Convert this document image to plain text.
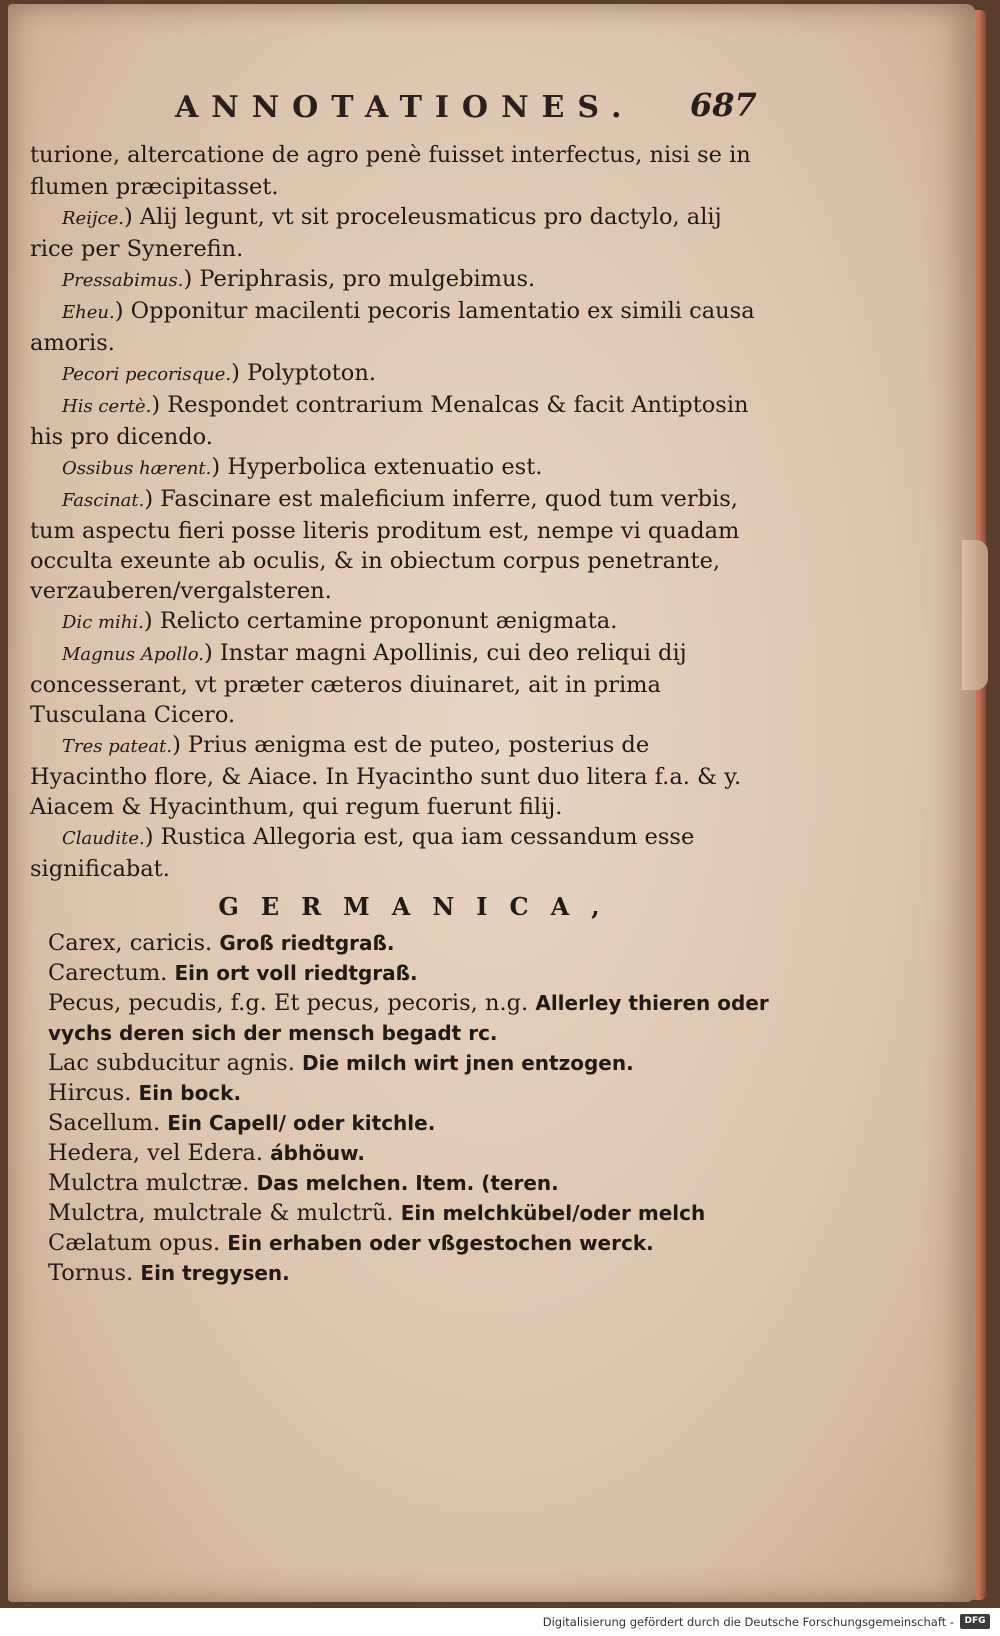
ANNOTATIONES. 687

turione, altercatione de agro penè fuisset interfectus, nisi se in flumen præcipitasset.

Reijce.) Alij legunt, vt sit proceleusmaticus pro dactylo, alij rice per Synerefin.

Pressabimus.) Periphrasis, pro mulgebimus.

Eheu.) Opponitur macilenti pecoris lamentatio ex simili causa amoris.

Pecori pecorisque.) Polyptoton.

His certè.) Respondet contrarium Menalcas & facit Antiptosin his pro dicendo.

Ossibus hærent.) Hyperbolica extenuatio est.

Fascinat.) Fascinare est maleficium inferre, quod tum verbis, tum aspectu fieri posse literis proditum est, nempe vi quadam occulta exeunte ab oculis, & in obiectum corpus penetrante, verzauberen/vergalsteren.

Dic mihi.) Relicto certamine proponunt ænigmata.

Magnus Apollo.) Instar magni Apollinis, cui deo reliqui dij concesserant, vt præter cæteros diuinaret, ait in prima Tusculana Cicero.

Tres pateat.) Prius ænigma est de puteo, posterius de Hyacintho flore, & Aiace. In Hyacintho sunt duo litera f.a. & y. Aiacem & Hyacinthum, qui regum fuerunt filij.

Claudite.) Rustica Allegoria est, qua iam cessandum esse significabat.

GERMANICA,

Carex, caricis. Groß riedtgraß.

Carectum. Ein ort voll riedtgraß.

Pecus, pecudis, f.g. Et pecus, pecoris, n.g. Allerley thieren oder vychs deren sich der mensch begadt rc.

Lac subducitur agnis. Die milch wirt jnen entzogen.

Hircus. Ein bock.

Sacellum. Ein Capell/ oder kitchle.

Hedera, vel Edera. ábhöuw.

Mulctra mulctræ. Das melchen. Item. (teren.

Mulctra, mulctrale & mulctrũ. Ein melchkübel/oder melch

Cælatum opus. Ein erhaben oder vßgestochen werck.

Tornus. Ein tregysen.

Digitalisierung gefördert durch die Deutsche Forschungsgemeinschaft -	DFG
